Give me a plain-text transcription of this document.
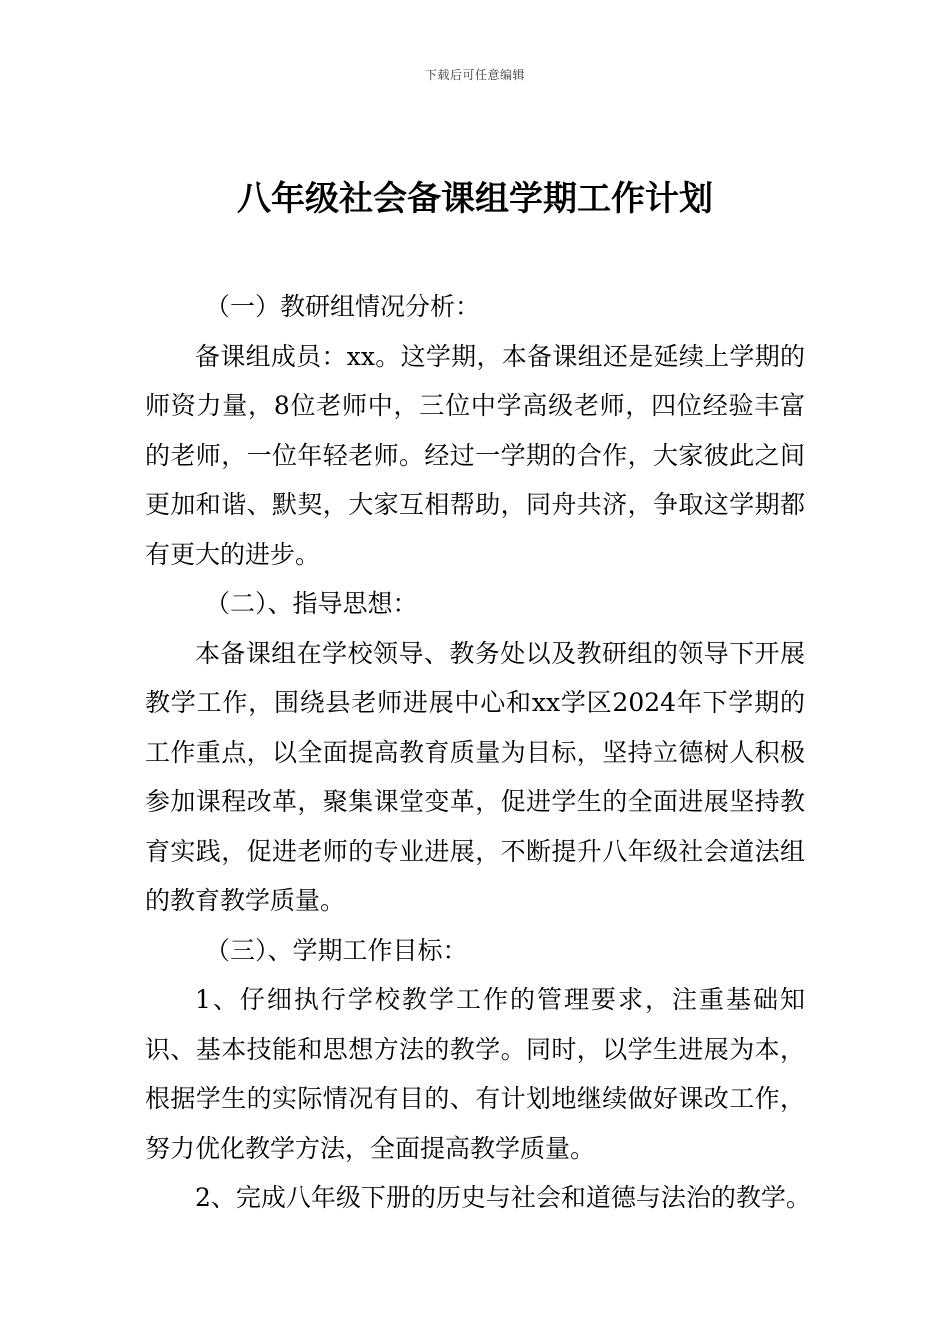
下载后可任意编辑
八年级社会备课组学期工作计划

（一）教研组情况分析：

备课组成员：xx。这学期，本备课组还是延续上学期的师资力量，8位老师中，三位中学高级老师，四位经验丰富的老师，一位年轻老师。经过一学期的合作，大家彼此之间更加和谐、默契，大家互相帮助，同舟共济，争取这学期都有更大的进步。

（二）、指导思想：

本备课组在学校领导、教务处以及教研组的领导下开展教学工作，围绕县老师进展中心和xx学区2024年下学期的工作重点，以全面提高教育质量为目标，坚持立德树人积极参加课程改革，聚集课堂变革，促进学生的全面进展坚持教育实践，促进老师的专业进展，不断提升八年级社会道法组的教育教学质量。

（三）、学期工作目标：

1、仔细执行学校教学工作的管理要求，注重基础知识、基本技能和思想方法的教学。同时，以学生进展为本，根据学生的实际情况有目的、有计划地继续做好课改工作，努力优化教学方法，全面提高教学质量。

2、完成八年级下册的历史与社会和道德与法治的教学。
